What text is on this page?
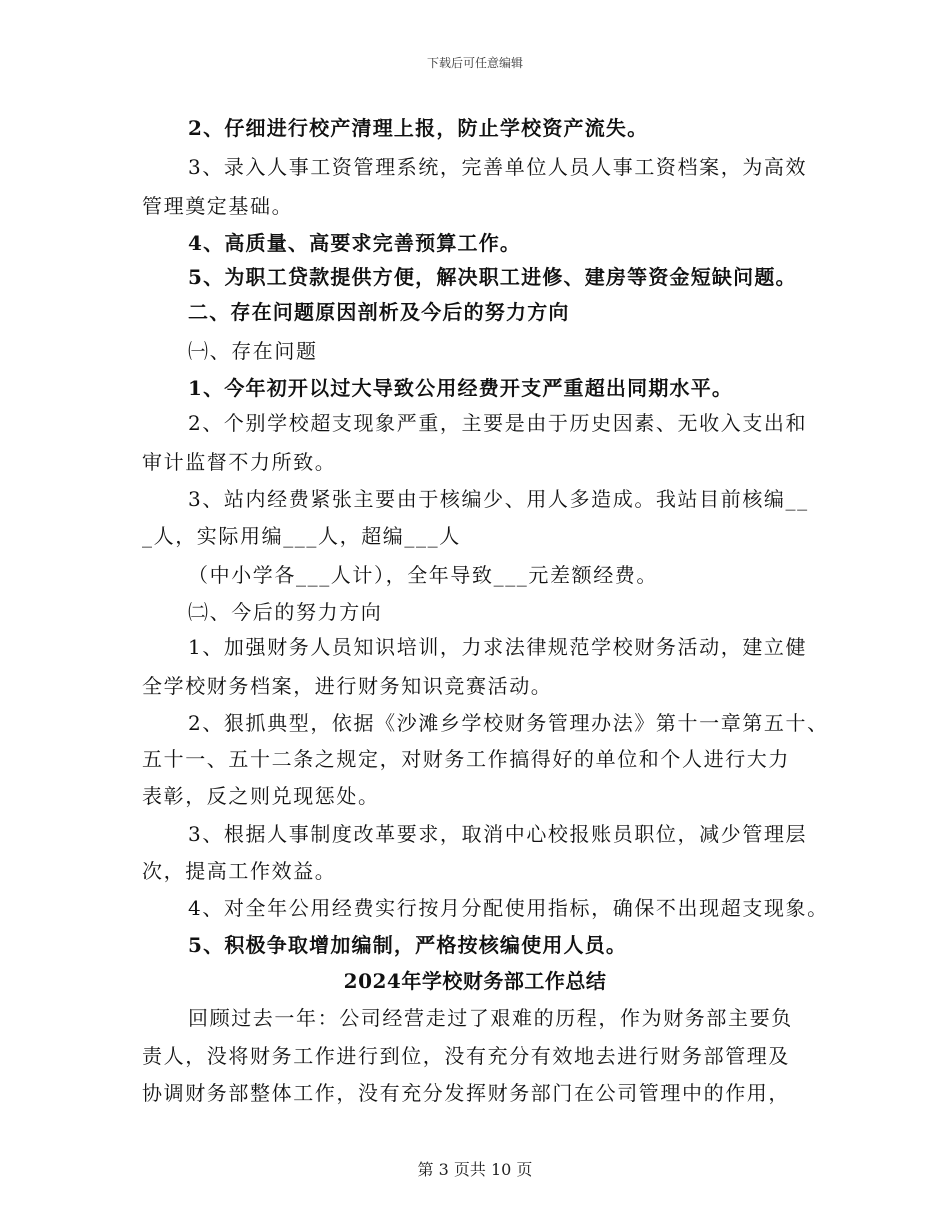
下载后可任意编辑
2、仔细进行校产清理上报，防止学校资产流失。
3、录入人事工资管理系统，完善单位人员人事工资档案，为高效
管理奠定基础。
4、高质量、高要求完善预算工作。
5、为职工贷款提供方便，解决职工进修、建房等资金短缺问题。
二、存在问题原因剖析及今后的努力方向
㈠、存在问题
1、今年初开以过大导致公用经费开支严重超出同期水平。
2、个别学校超支现象严重，主要是由于历史因素、无收入支出和
审计监督不力所致。
3、站内经费紧张主要由于核编少、用人多造成。我站目前核编__
_人，实际用编___人，超编___人
（中小学各___人计），全年导致___元差额经费。
㈡、今后的努力方向
1、加强财务人员知识培训，力求法律规范学校财务活动，建立健
全学校财务档案，进行财务知识竞赛活动。
2、狠抓典型，依据《沙滩乡学校财务管理办法》第十一章第五十、
五十一、五十二条之规定，对财务工作搞得好的单位和个人进行大力
表彰，反之则兑现惩处。
3、根据人事制度改革要求，取消中心校报账员职位，减少管理层
次，提高工作效益。
4、对全年公用经费实行按月分配使用指标，确保不出现超支现象。
5、积极争取增加编制，严格按核编使用人员。
2024年学校财务部工作总结
回顾过去一年：公司经营走过了艰难的历程，作为财务部主要负
责人，没将财务工作进行到位，没有充分有效地去进行财务部管理及
协调财务部整体工作，没有充分发挥财务部门在公司管理中的作用，
第 3 页共 10 页
